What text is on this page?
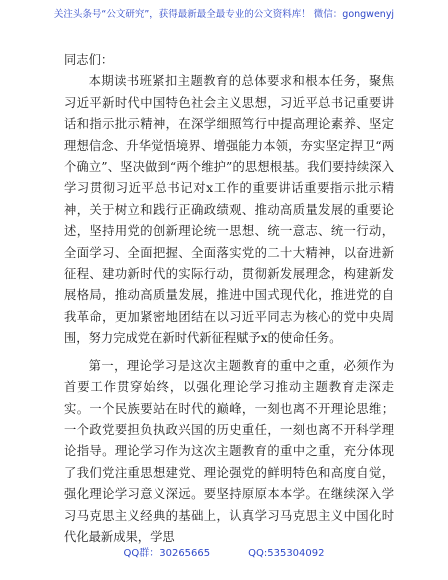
关注头条号“公文研究”，获得最新最全最专业的公文资料库！ 微信：gongwenyj

同志们：

本期读书班紧扣主题教育的总体要求和根本任务，聚焦习近平新时代中国特色社会主义思想，习近平总书记重要讲话和指示批示精神，在深学细照笃行中提高理论素养、坚定理想信念、升华觉悟境界、增强能力本领，夯实坚定捍卫“两个确立”、坚决做到“两个维护”的思想根基。我们要持续深入学习贯彻习近平总书记对x工作的重要讲话重要指示批示精神，关于树立和践行正确政绩观、推动高质量发展的重要论述，坚持用党的创新理论统一思想、统一意志、统一行动，全面学习、全面把握、全面落实党的二十大精神，以奋进新征程、建功新时代的实际行动，贯彻新发展理念，构建新发展格局，推动高质量发展，推进中国式现代化，推进党的自我革命，更加紧密地团结在以习近平同志为核心的党中央周围，努力完成党在新时代新征程赋予x的使命任务。

第一，理论学习是这次主题教育的重中之重，必须作为首要工作贯穿始终，以强化理论学习推动主题教育走深走实。一个民族要站在时代的巅峰，一刻也离不开理论思维；一个政党要担负执政兴国的历史重任，一刻也离不开科学理论指导。理论学习作为这次主题教育的重中之重，充分体现了我们党注重思想建党、理论强党的鲜明特色和高度自觉，强化理论学习意义深远。要坚持原原本本学。在继续深入学习马克思主义经典的基础上，认真学习马克思主义中国化时代化最新成果，学思

QQ群：30265665	QQ:535304092
